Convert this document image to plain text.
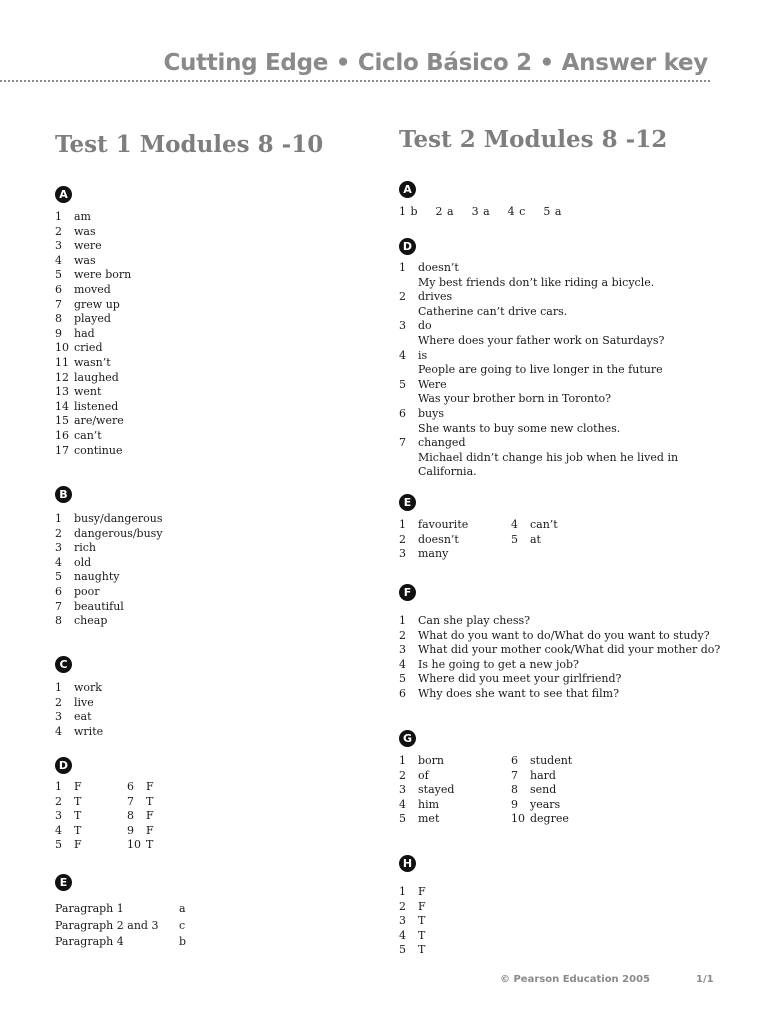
Cutting Edge • Ciclo Básico 2 • Answer key
Test 1 Modules 8 -10
A
1	am
2	was
3	were
4	was
5	were born
6	moved
7	grew up
8	played
9	had
10 cried
11 wasn’t
12 laughed
13 went
14 listened
15 are/were
16 can’t
17 continue
B
1	busy/dangerous
2	dangerous/busy
3	rich
4	old
5	naughty
6	poor
7	beautiful
8	cheap
C
1	work
2	live
3	eat
4	write
D
1	F	6	F
2	T	7	T
3	T	8	F
4	T	9	F
5	F	10 T
E
Paragraph 1	a
Paragraph 2 and 3	c
Paragraph 4	b
Test 2 Modules 8 -12
A
1 b 2 a 3 a 4 c 5 a
D
1	doesn’t
My best friends don’t like riding a bicycle.
2	drives
Catherine can’t drive cars.
3	do
Where does your father work on Saturdays?
4	is
People are going to live longer in the future
5	Were
Was your brother born in Toronto?
6	buys
She wants to buy some new clothes.
7	changed
Michael didn’t change his job when he lived in
California.
E
1	favourite	4	can’t
2	doesn’t	5	at
3	many
F
1	Can she play chess?
2	What do you want to do/What do you want to study?
3	What did your mother cook/What did your mother do?
4	Is he going to get a new job?
5	Where did you meet your girlfriend?
6	Why does she want to see that film?
G
1	born	6	student
2	of	7	hard
3	stayed	8	send
4	him	9	years
5	met	10 degree
H
1	F
2	F
3	T
4	T
5	T
© Pearson Education 2005	1/1
